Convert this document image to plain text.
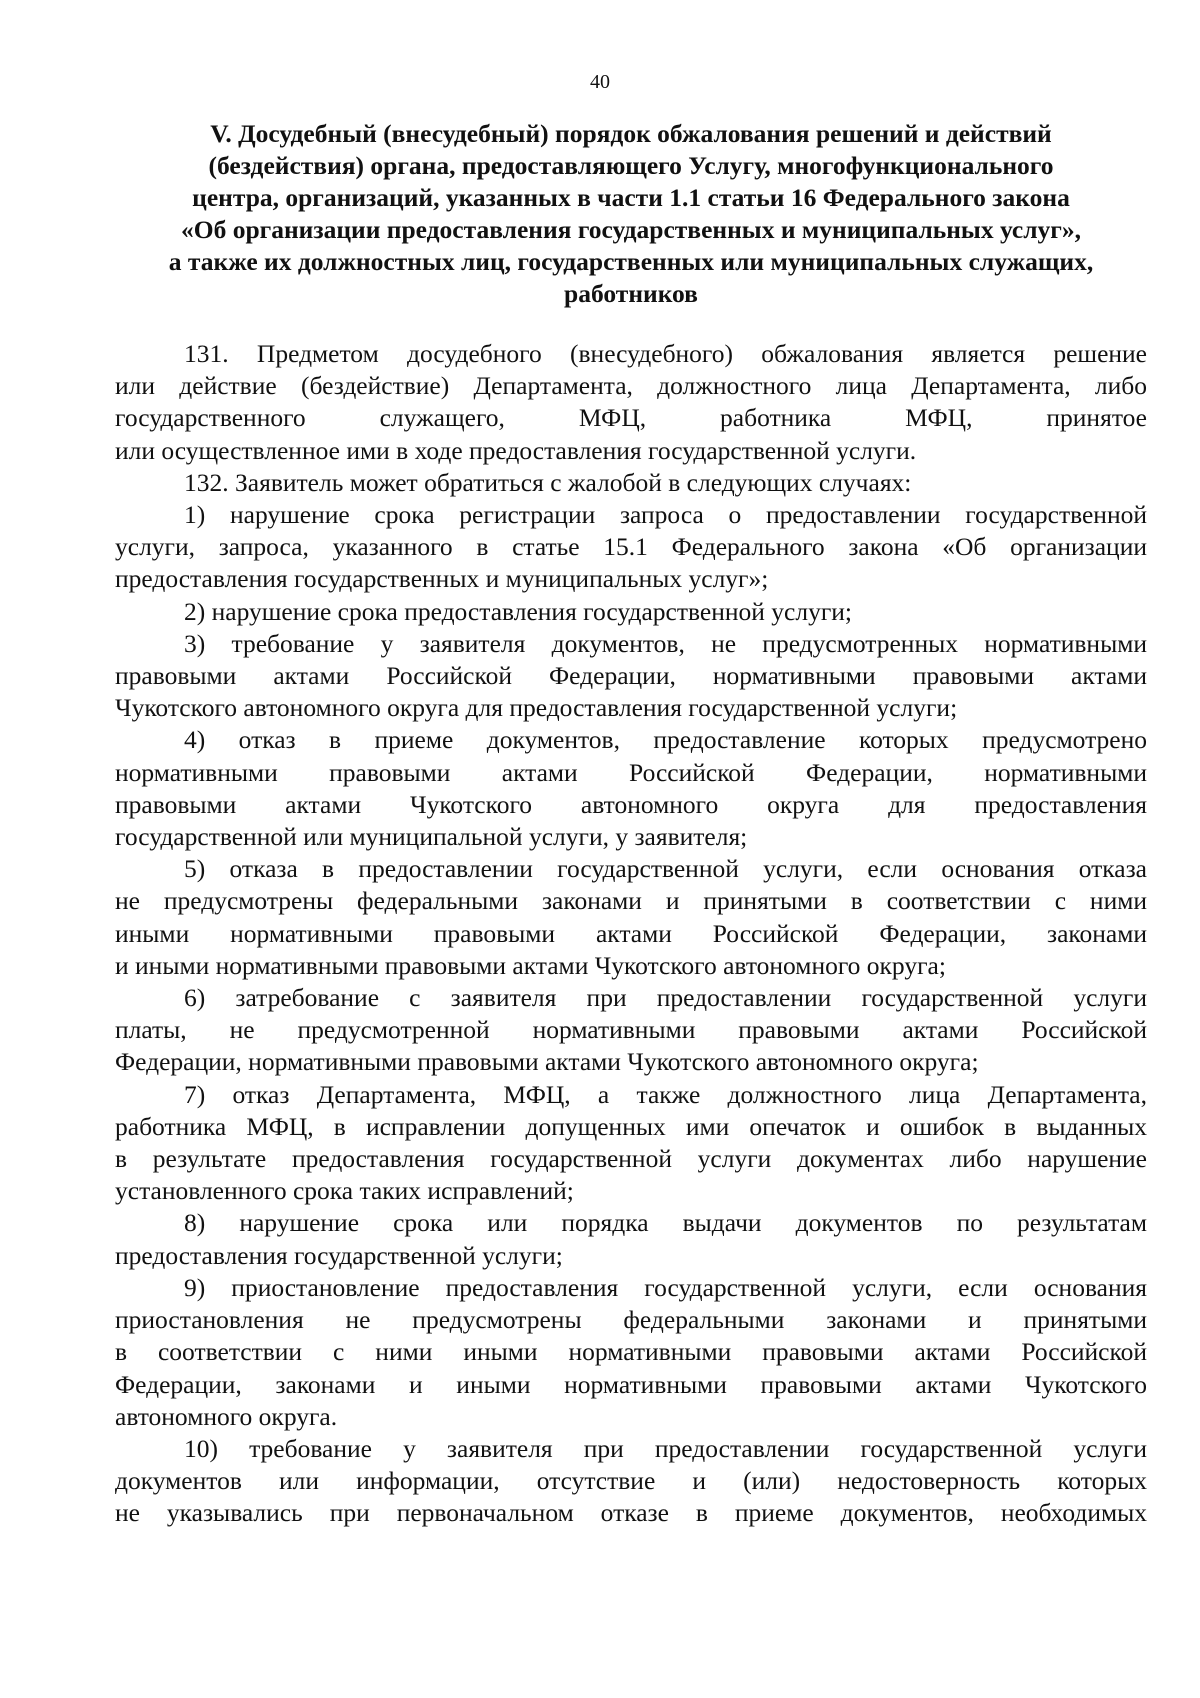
40
V. Досудебный (внесудебный) порядок обжалования решений и действий
(бездействия) органа, предоставляющего Услугу, многофункционального
центра, организаций, указанных в части 1.1 статьи 16 Федерального закона
«Об организации предоставления государственных и муниципальных услуг»,
а также их должностных лиц, государственных или муниципальных служащих,
работников
131. Предметом досудебного (внесудебного) обжалования является решение
или действие (бездействие) Департамента, должностного лица Департамента, либо
государственного служащего, МФЦ, работника МФЦ, принятое
или осуществленное ими в ходе предоставления государственной услуги.
132. Заявитель может обратиться с жалобой в следующих случаях:
1) нарушение срока регистрации запроса о предоставлении государственной
услуги, запроса, указанного в статье 15.1 Федерального закона «Об организации
предоставления государственных и муниципальных услуг»;
2) нарушение срока предоставления государственной услуги;
3) требование у заявителя документов, не предусмотренных нормативными
правовыми актами Российской Федерации, нормативными правовыми актами
Чукотского автономного округа для предоставления государственной услуги;
4) отказ в приеме документов, предоставление которых предусмотрено
нормативными правовыми актами Российской Федерации, нормативными
правовыми актами Чукотского автономного округа для предоставления
государственной или муниципальной услуги, у заявителя;
5) отказа в предоставлении государственной услуги, если основания отказа
не предусмотрены федеральными законами и принятыми в соответствии с ними
иными нормативными правовыми актами Российской Федерации, законами
и иными нормативными правовыми актами Чукотского автономного округа;
6) затребование с заявителя при предоставлении государственной услуги
платы, не предусмотренной нормативными правовыми актами Российской
Федерации, нормативными правовыми актами Чукотского автономного округа;
7) отказ Департамента, МФЦ, а также должностного лица Департамента,
работника МФЦ, в исправлении допущенных ими опечаток и ошибок в выданных
в результате предоставления государственной услуги документах либо нарушение
установленного срока таких исправлений;
8) нарушение срока или порядка выдачи документов по результатам
предоставления государственной услуги;
9) приостановление предоставления государственной услуги, если основания
приостановления не предусмотрены федеральными законами и принятыми
в соответствии с ними иными нормативными правовыми актами Российской
Федерации, законами и иными нормативными правовыми актами Чукотского
автономного округа.
10) требование у заявителя при предоставлении государственной услуги
документов или информации, отсутствие и (или) недостоверность которых
не указывались при первоначальном отказе в приеме документов, необходимых
